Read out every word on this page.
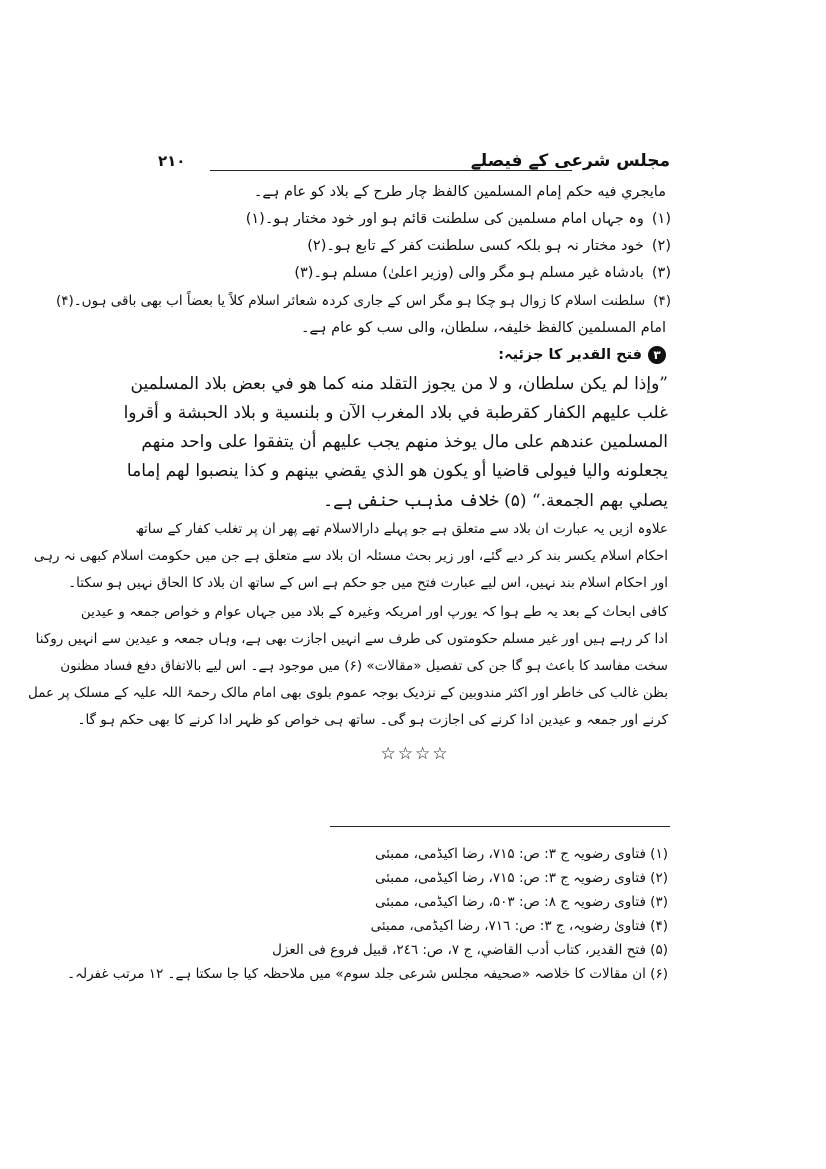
مجلس شرعی کے فیصلے
۲۱۰
مایجري فيه حکم إمام المسلمين كالفظ چار طرح کے بلاد کو عام ہے۔
(۱)وہ جہاں امام مسلمین کی سلطنت قائم ہو اور خود مختار ہو۔(۱)
(۲)خود مختار نہ ہو بلکہ کسی سلطنت کفر کے تابع ہو۔(۲)
(۳)بادشاہ غیر مسلم ہو مگر والی (وزیر اعلیٰ) مسلم ہو۔(۳)
(۴)سلطنت اسلام کا زوال ہو چکا ہو مگر اس کے جاری کردہ شعائر اسلام کلاً یا بعضاً اب بھی باقی ہوں۔(۴)
امام المسلمین کالفظ خلیفہ، سلطان، والی سب کو عام ہے۔
۳فتح القدیر کا جزئیہ:
”وإذا لم يكن سلطان، و لا من يجوز التقلد منه كما هو في بعض بلاد المسلمين
غلب عليهم الكفار كقرطبة في بلاد المغرب الآن و بلنسية و بلاد الحبشة و أقروا
المسلمين عندهم على مال يوخذ منهم يجب عليهم أن يتفقوا على واحد منهم
يجعلونه واليا فيولى قاضيا أو يكون هو الذي يقضي بينهم و كذا ينصبوا لهم إماما
يصلي بهم الجمعة.“ (۵) خلاف مذہب حنفی ہے۔
علاوہ ازیں یہ عبارت ان بلاد سے متعلق ہے جو پہلے دارالاسلام تھے پھر ان پر تغلب کفار کے ساتھ
احکام اسلام یکسر بند کر دیے گئے، اور زیر بحث مسئلہ ان بلاد سے متعلق ہے جن میں حکومت اسلام کبھی نہ رہی
اور احکام اسلام بند نہیں، اس لیے عبارت فتح میں جو حکم ہے اس کے ساتھ ان بلاد کا الحاق نہیں ہو سکتا۔
کافی ابحاث کے بعد یہ طے ہوا کہ یورپ اور امریکہ وغیرہ کے بلاد میں جہاں عوام و خواص جمعہ و عیدین
ادا کر رہے ہیں اور غیر مسلم حکومتوں کی طرف سے انہیں اجازت بھی ہے، وہاں جمعہ و عیدین سے انہیں روکنا
سخت مفاسد کا باعث ہو گا جن کی تفصیل «مقالات» (۶) میں موجود ہے۔ اس لیے بالاتفاق دفع فساد مظنون
بظن غالب کی خاطر اور اکثر مندوبین کے نزدیک بوجہ عموم بلوی بھی امام مالک رحمۃ اللہ علیہ کے مسلک پر عمل
کرنے اور جمعہ و عیدین ادا کرنے کی اجازت ہو گی۔ ساتھ ہی خواص کو ظہر ادا کرنے کا بھی حکم ہو گا۔
☆☆☆☆
(۱) فتاوی رضویہ ج ۳: ص: ۷۱۵، رضا اکیڈمی، ممبئی
(۲) فتاوی رضویہ ج ۳: ص: ۷۱۵، رضا اکیڈمی، ممبئی
(۳) فتاوی رضویہ ج ۸: ص: ۵۰۳، رضا اکیڈمی، ممبئی
(۴) فتاویٰ رضویہ، ج ۳: ص: ۷۱٦، رضا اکیڈمی، ممبئی
(۵) فتح القدير، كتاب أدب القاضي، ج ۷، ص: ۲٤٦، قبیل فروع فی العزل
(۶) ان مقالات کا خلاصہ «صحیفہ مجلس شرعی جلد سوم» میں ملاحظہ کیا جا سکتا ہے۔ ۱۲ مرتب غفرلہ۔
